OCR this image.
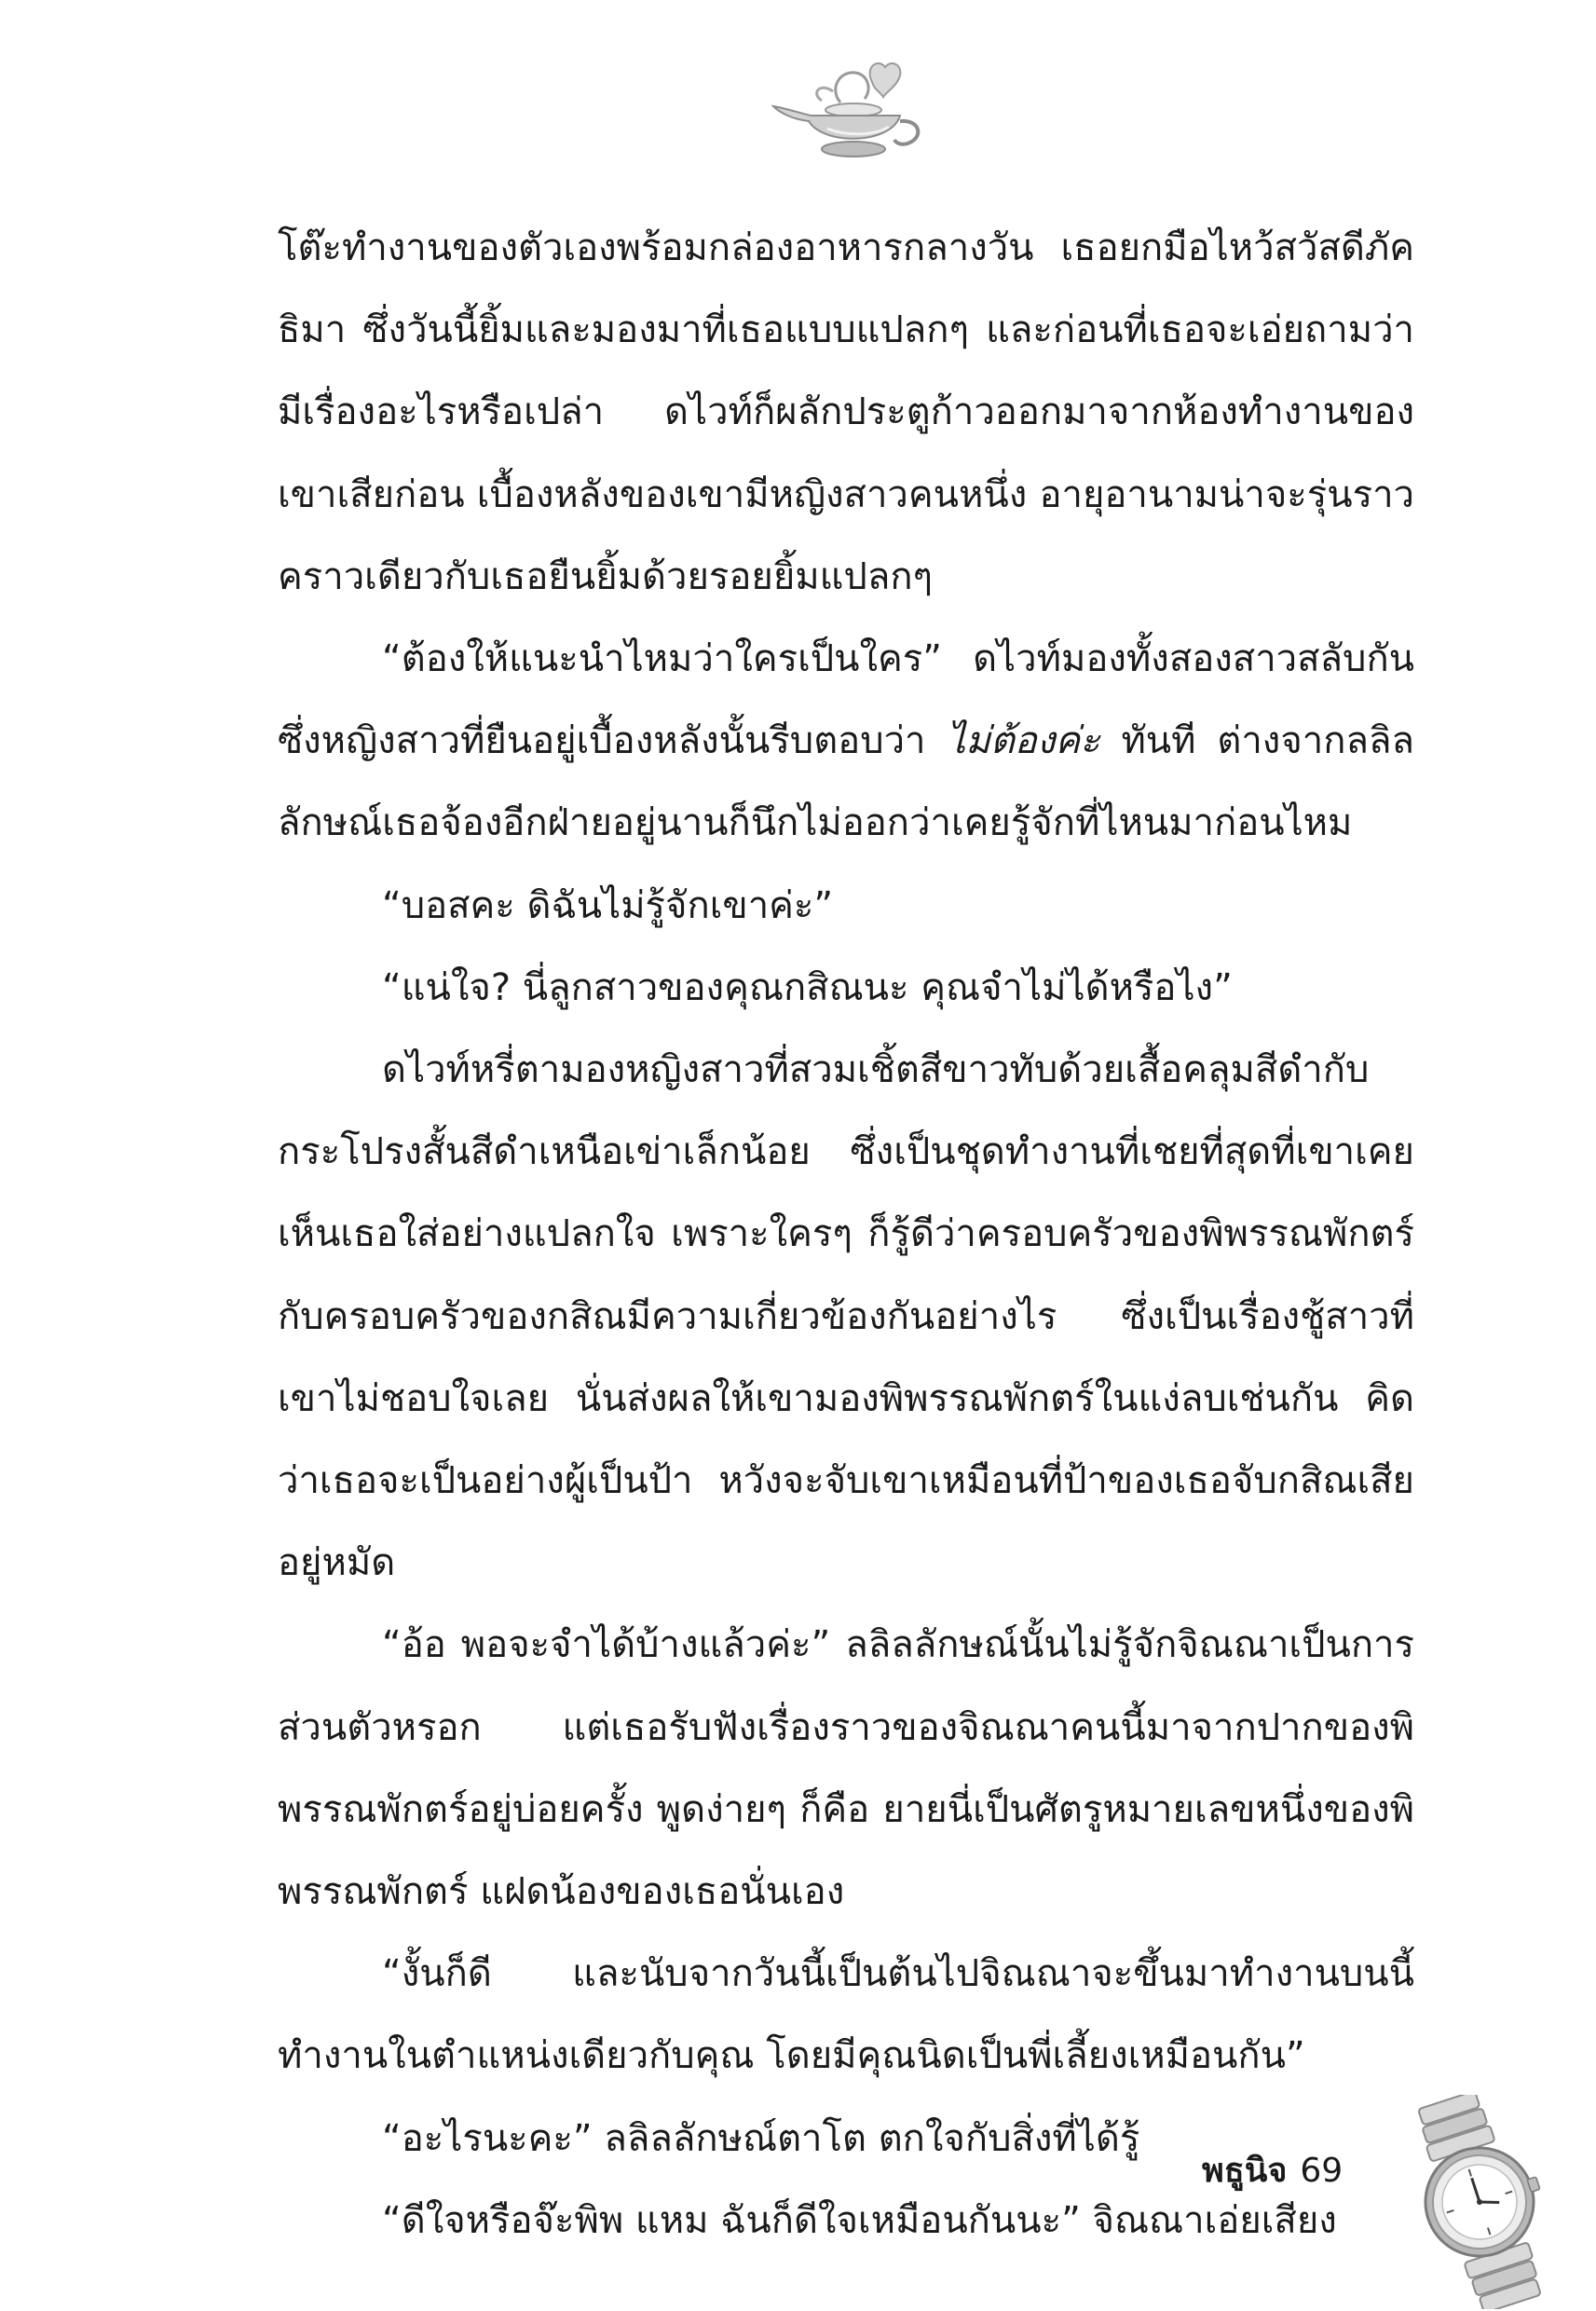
โต๊ะทำงานของตัวเองพร้อมกล่องอาหารกลางวัน เธอยกมือไหว้สวัสดีภัคธิมา ซึ่งวันนี้ยิ้มและมองมาที่เธอแบบแปลกๆ และก่อนที่เธอจะเอ่ยถามว่ามีเรื่องอะไรหรือเปล่า ดไวท์ก็ผลักประตูก้าวออกมาจากห้องทำงานของเขาเสียก่อน เบื้องหลังของเขามีหญิงสาวคนหนึ่ง อายุอานามน่าจะรุ่นราวคราวเดียวกับเธอยืนยิ้มด้วยรอยยิ้มแปลกๆ

“ต้องให้แนะนำไหมว่าใครเป็นใคร” ดไวท์มองทั้งสองสาวสลับกัน ซึ่งหญิงสาวที่ยืนอยู่เบื้องหลังนั้นรีบตอบว่า ไม่ต้องค่ะ ทันที ต่างจากลลิลลักษณ์เธอจ้องอีกฝ่ายอยู่นานก็นึกไม่ออกว่าเคยรู้จักที่ไหนมาก่อนไหม

“บอสคะ ดิฉันไม่รู้จักเขาค่ะ”

“แน่ใจ? นี่ลูกสาวของคุณกสิณนะ คุณจำไม่ได้หรือไง”

ดไวท์หรี่ตามองหญิงสาวที่สวมเชิ้ตสีขาวทับด้วยเสื้อคลุมสีดำกับกระโปรงสั้นสีดำเหนือเข่าเล็กน้อย ซึ่งเป็นชุดทำงานที่เชยที่สุดที่เขาเคยเห็นเธอใส่อย่างแปลกใจ เพราะใครๆ ก็รู้ดีว่าครอบครัวของพิพรรณพักตร์กับครอบครัวของกสิณมีความเกี่ยวข้องกันอย่างไร ซึ่งเป็นเรื่องชู้สาวที่เขาไม่ชอบใจเลย นั่นส่งผลให้เขามองพิพรรณพักตร์ในแง่ลบเช่นกัน คิดว่าเธอจะเป็นอย่างผู้เป็นป้า หวังจะจับเขาเหมือนที่ป้าของเธอจับกสิณเสียอยู่หมัด

“อ้อ พอจะจำได้บ้างแล้วค่ะ” ลลิลลักษณ์นั้นไม่รู้จักจิณณาเป็นการส่วนตัวหรอก แต่เธอรับฟังเรื่องราวของจิณณาคนนี้มาจากปากของพิพรรณพักตร์อยู่บ่อยครั้ง พูดง่ายๆ ก็คือ ยายนี่เป็นศัตรูหมายเลขหนึ่งของพิพรรณพักตร์ แฝดน้องของเธอนั่นเอง

“งั้นก็ดี และนับจากวันนี้เป็นต้นไปจิณณาจะขึ้นมาทำงานบนนี้ทำงานในตำแหน่งเดียวกับคุณ โดยมีคุณนิดเป็นพี่เลี้ยงเหมือนกัน”

“อะไรนะคะ” ลลิลลักษณ์ตาโต ตกใจกับสิ่งที่ได้รู้

“ดีใจหรือจ๊ะพิพ แหม ฉันก็ดีใจเหมือนกันนะ” จิณณาเอ่ยเสียง

พธูนิจ 69
